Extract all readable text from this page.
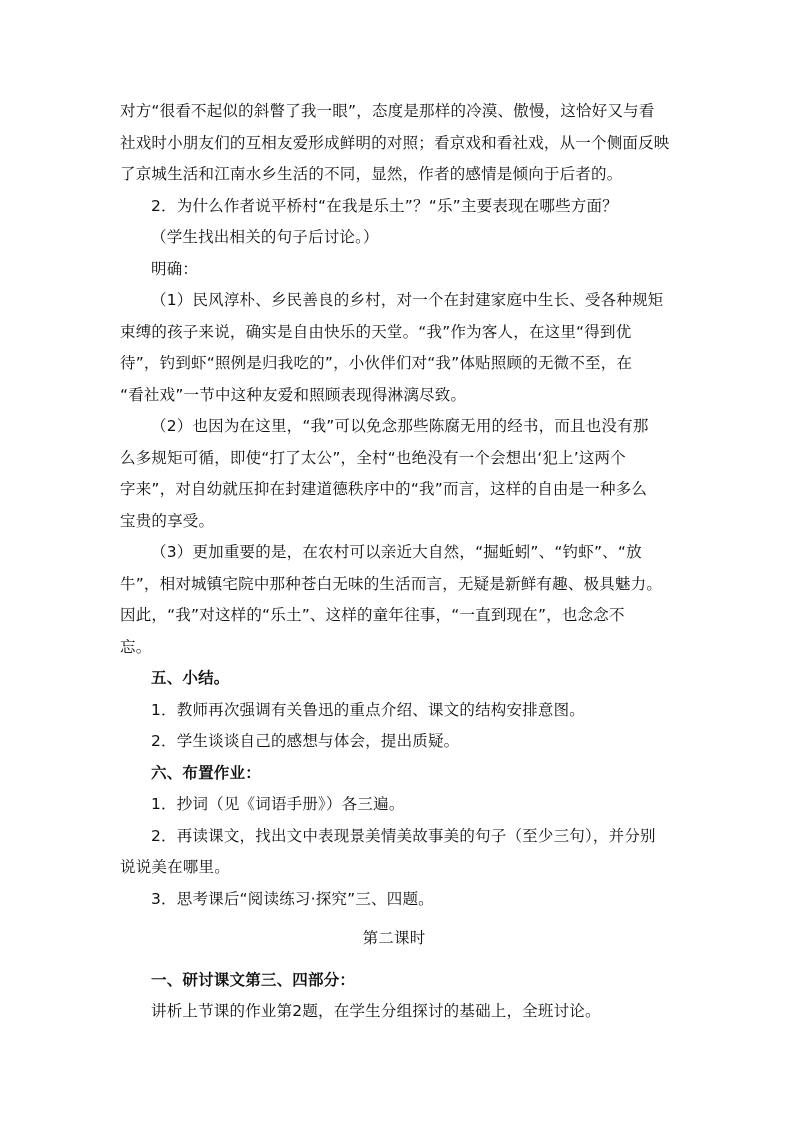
对方“很看不起似的斜瞥了我一眼”，态度是那样的冷漠、傲慢，这恰好又与看
社戏时小朋友们的互相友爱形成鲜明的对照；看京戏和看社戏，从一个侧面反映
了京城生活和江南水乡生活的不同，显然，作者的感情是倾向于后者的。
2．为什么作者说平桥村“在我是乐土”？“乐”主要表现在哪些方面？
（学生找出相关的句子后讨论。）
明确：
（1）民风淳朴、乡民善良的乡村，对一个在封建家庭中生长、受各种规矩
束缚的孩子来说，确实是自由快乐的天堂。“我”作为客人，在这里“得到优
待”，钓到虾“照例是归我吃的”，小伙伴们对“我”体贴照顾的无微不至，在
“看社戏”一节中这种友爱和照顾表现得淋漓尽致。
（2）也因为在这里，“我”可以免念那些陈腐无用的经书，而且也没有那
么多规矩可循，即使“打了太公”，全村“也绝没有一个会想出‘犯上’这两个
字来”，对自幼就压抑在封建道德秩序中的“我”而言，这样的自由是一种多么
宝贵的享受。
（3）更加重要的是，在农村可以亲近大自然，“掘蚯蚓”、“钓虾”、“放
牛”，相对城镇宅院中那种苍白无味的生活而言，无疑是新鲜有趣、极具魅力。
因此，“我”对这样的“乐土”、这样的童年往事，“一直到现在”，也念念不
忘。
五、小结。
1．教师再次强调有关鲁迅的重点介绍、课文的结构安排意图。
2．学生谈谈自己的感想与体会，提出质疑。
六、布置作业：
1．抄词（见《词语手册》）各三遍。
2．再读课文，找出文中表现景美情美故事美的句子（至少三句），并分别
说说美在哪里。
3．思考课后“阅读练习·探究”三、四题。
第二课时
一、研讨课文第三、四部分：
讲析上节课的作业第2题，在学生分组探讨的基础上，全班讨论。
